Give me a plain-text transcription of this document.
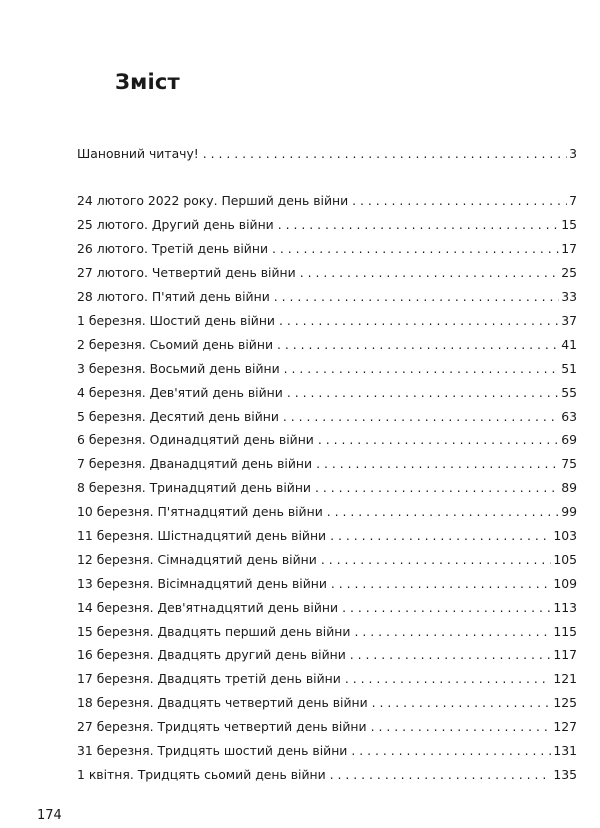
Зміст
Шановний читачу! . . .	3
24 лютого 2022 року. Перший день війни . . .	7
25 лютого. Другий день війни . . .	15
26 лютого. Третій день війни . . .	17
27 лютого. Четвертий день війни . . .	25
28 лютого. П'ятий день війни . . .	33
1 березня. Шостий день війни . . .	37
2 березня. Сьомий день війни . . .	41
3 березня. Восьмий день війни . . .	51
4 березня. Дев'ятий день війни . . .	55
5 березня. Десятий день війни . . .	63
6 березня. Одинадцятий день війни . . .	69
7 березня. Дванадцятий день війни . . .	75
8 березня. Тринадцятий день війни . . .	89
10 березня. П'ятнадцятий день війни . . .	99
11 березня. Шістнадцятий день війни . . .	103
12 березня. Сімнадцятий день війни . . .	105
13 березня. Вісімнадцятий день війни . . .	109
14 березня. Дев'ятнадцятий день війни . . .	113
15 березня. Двадцять перший день війни . . .	115
16 березня. Двадцять другий день війни . . .	117
17 березня. Двадцять третій день війни . . .	121
18 березня. Двадцять четвертий день війни . . .	125
27 березня. Тридцять четвертий день війни . . .	127
31 березня. Тридцять шостий день війни . . .	131
1 квітня. Тридцять сьомий день війни . . .	135
174
